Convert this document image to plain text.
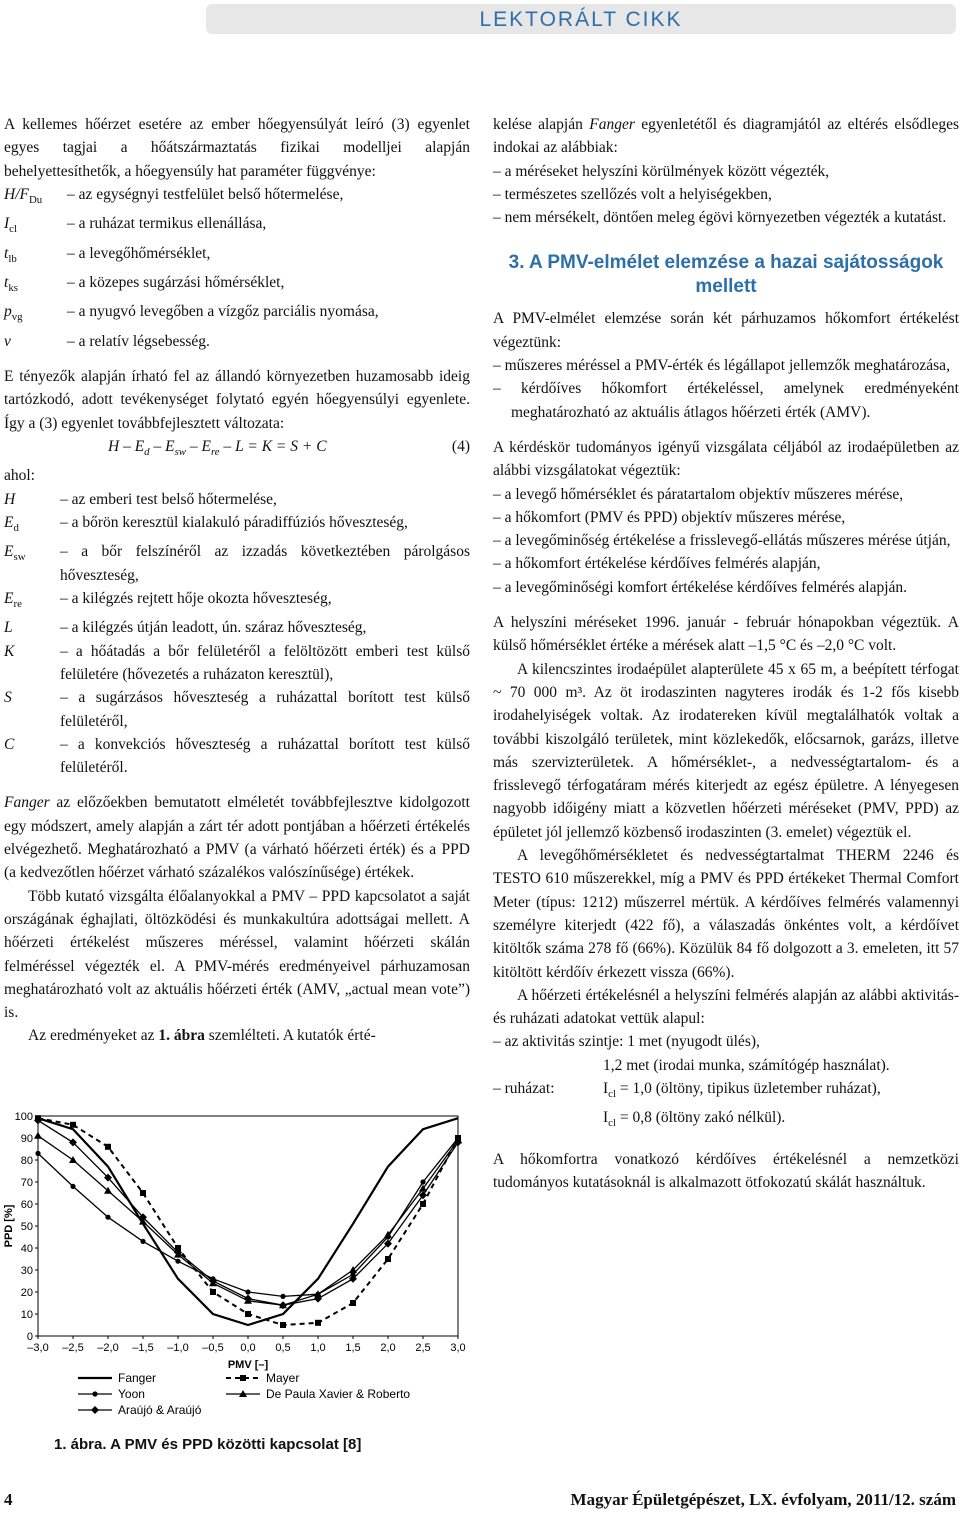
LEKTORÁLT CIKK

A kellemes hőérzet esetére az ember hőegyensúlyát leíró (3) egyenlet egyes tagjai a hőátszármaztatás fizikai modelljei alapján behelyettesíthetők, a hőegyensúly hat paraméter függvénye:

$H/F_{Du}$	– az egységnyi testfelület belső hőtermelése,
$I_{cl}$	– a ruházat termikus ellenállása,
$t_{lb}$	– a levegőhőmérséklet,
$t_{ks}$	– a közepes sugárzási hőmérséklet,
$p_{vg}$	– a nyugvó levegőben a vízgőz parciális nyomása,
v	– a relatív légsebesség.

E tényezők alapján írható fel az állandó környezetben huzamosabb ideig tartózkodó, adott tevékenységet folytató egyén hőegyensúlyi egyenlete. Így a (3) egyenlet továbbfejlesztett változata:

$H - E_d - E_{sw} - E_{re} - L = K = S + C$	(4)
ahol:
H	– az emberi test belső hőtermelése,
$E_d$	– a bőrön keresztül kialakuló páradiffúziós hőveszteség,
$E_{sw}$	– a bőr felszínéről az izzadás következtében párolgásos hőveszteség,
$E_{re}$	– a kilégzés rejtett hője okozta hőveszteség,
L	– a kilégzés útján leadott, ún. száraz hőveszteség,
K	– a hőátadás a bőr felületéről a felöltözött emberi test külső felületére (hővezetés a ruházaton keresztül),
S	– a sugárzásos hőveszteség a ruházattal borított test külső felületéről,
C	– a konvekciós hőveszteség a ruházattal borított test külső felületéről.

Fanger az előzőekben bemutatott elméletét továbbfejlesztve kidolgozott egy módszert, amely alapján a zárt tér adott pontjában a hőérzeti értékelés elvégezhető. Meghatározható a PMV (a várható hőérzeti érték) és a PPD (a kedvezőtlen hőérzet várható százalékos valószínűsége) értékek.

Több kutató vizsgálta élőalanyokkal a PMV – PPD kapcsolatot a saját országának éghajlati, öltözködési és munkakultúra adottságai mellett. A hőérzeti értékelést műszeres méréssel, valamint hőérzeti skálán felméréssel végezték el. A PMV-mérés eredményeivel párhuzamosan meghatározható volt az aktuális hőérzeti érték (AMV, „actual mean vote”) is.

Az eredményeket az 1. ábra szemlélteti. A kutatók érté-

0
10
20
30
40
50
60
70
80
90
100
–3,0 –2,5 –2,0 –1,5 –1,0 –0,5 0,0 0,5 1,0 1,5 2,0 2,5 3,0
PMV [–]
PPD [%]
Fanger	Mayer
Yoon	De Paula Xavier & Roberto
Araújó & Araújó
1. ábra. A PMV és PPD közötti kapcsolat [8]

kelése alapján Fanger egyenletétől és diagramjától az eltérés elsődleges indokai az alábbiak:

– a méréseket helyszíni körülmények között végezték,
– természetes szellőzés volt a helyiségekben,
– nem mérsékelt, döntően meleg égövi környezetben végezték a kutatást.
3. A PMV-elmélet elemzése a hazai sajátosságok mellett

A PMV-elmélet elemzése során két párhuzamos hőkomfort értékelést végeztünk:

– műszeres méréssel a PMV-érték és légállapot jellemzők meghatározása,
– kérdőíves hőkomfort értékeléssel, amelynek eredményeként meghatározható az aktuális átlagos hőérzeti érték (AMV).

A kérdéskör tudományos igényű vizsgálata céljából az irodaépületben az alábbi vizsgálatokat végeztük:

– a levegő hőmérséklet és páratartalom objektív műszeres mérése,
– a hőkomfort (PMV és PPD) objektív műszeres mérése,
– a levegőminőség értékelése a frisslevegő-ellátás műszeres mérése útján,
– a hőkomfort értékelése kérdőíves felmérés alapján,
– a levegőminőségi komfort értékelése kérdőíves felmérés alapján.

A helyszíni méréseket 1996. január - február hónapokban végeztük. A külső hőmérséklet értéke a mérések alatt –1,5 °C és –2,0 °C volt.

A kilencszintes irodaépület alapterülete 45 x 65 m, a beépített térfogat ~ 70 000 m³. Az öt irodaszinten nagyteres irodák és 1-2 fős kisebb irodahelyiségek voltak. Az irodatereken kívül megtalálhatók voltak a további kiszolgáló területek, mint közlekedők, előcsarnok, garázs, illetve más szervizterületek. A hőmérséklet-, a nedvességtartalom- és a frisslevegő térfogatáram mérés kiterjedt az egész épületre. A lényegesen nagyobb időigény miatt a közvetlen hőérzeti méréseket (PMV, PPD) az épületet jól jellemző közbenső irodaszinten (3. emelet) végeztük el.

A levegőhőmérsékletet és nedvességtartalmat THERM 2246 és TESTO 610 műszerekkel, míg a PMV és PPD értékeket Thermal Comfort Meter (típus: 1212) műszerrel mértük. A kérdőíves felmérés valamennyi személyre kiterjedt (422 fő), a válaszadás önkéntes volt, a kérdőívet kitöltők száma 278 fő (66%). Közülük 84 fő dolgozott a 3. emeleten, itt 57 kitöltött kérdőív érkezett vissza (66%).

A hőérzeti értékelésnél a helyszíni felmérés alapján az alábbi aktivitás- és ruházati adatokat vettük alapul:

– az aktivitás szintje: 1 met (nyugodt ülés),
1,2 met (irodai munka, számítógép használat).
– ruházat:	$I_{cl} = 1,0$ (öltöny, tipikus üzletember ruházat),
$I_{cl} = 0,8$ (öltöny zakó nélkül).

A hőkomfortra vonatkozó kérdőíves értékelésnél a nemzetközi tudományos kutatásoknál is alkalmazott ötfokozatú skálát használtuk.

4	Magyar Épületgépészet, LX. évfolyam, 2011/12. szám
